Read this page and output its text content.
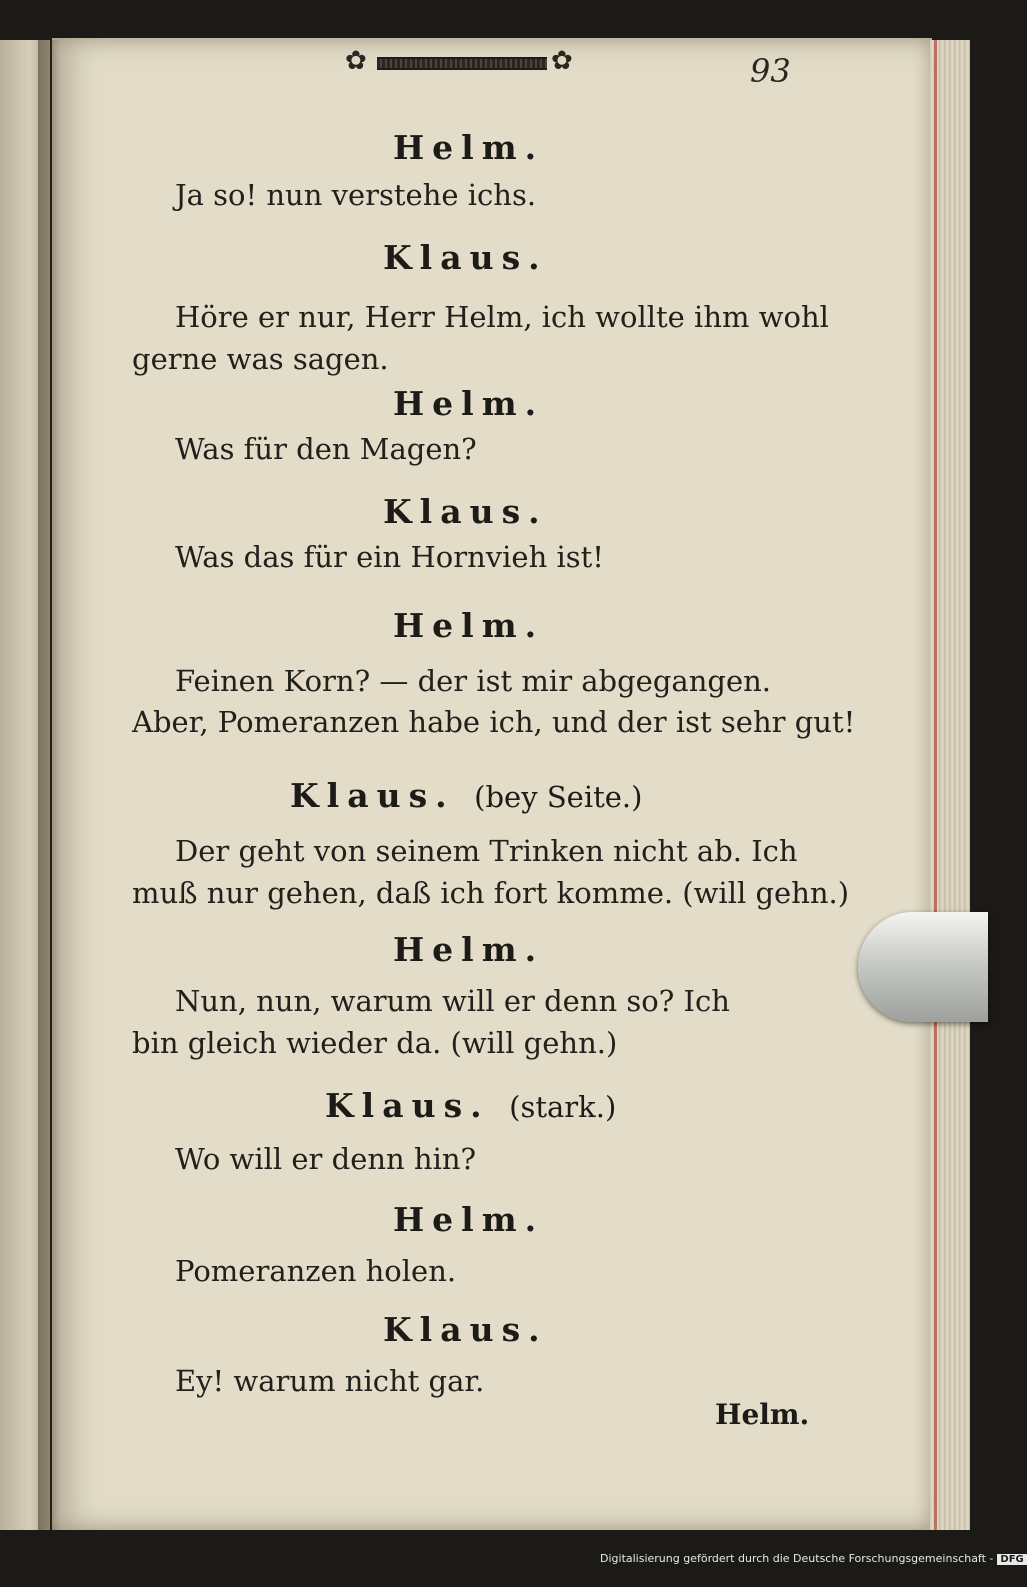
✿	✿	93
Helm.
Ja so! nun verstehe ichs.
Klaus.
Höre er nur, Herr Helm, ich wollte ihm wohl
gerne was sagen.
Helm.
Was für den Magen?
Klaus.
Was das für ein Hornvieh ist!
Helm.
Feinen Korn? — der ist mir abgegangen.
Aber, Pomeranzen habe ich, und der ist sehr gut!
Klaus. (bey Seite.)
Der geht von seinem Trinken nicht ab. Ich
muß nur gehen, daß ich fort komme. (will gehn.)
Helm.
Nun, nun, warum will er denn so? Ich
bin gleich wieder da. (will gehn.)
Klaus. (stark.)
Wo will er denn hin?
Helm.
Pomeranzen holen.
Klaus.
Ey! warum nicht gar.
Helm.
Digitalisierung gefördert durch die Deutsche Forschungsgemeinschaft - DFG
